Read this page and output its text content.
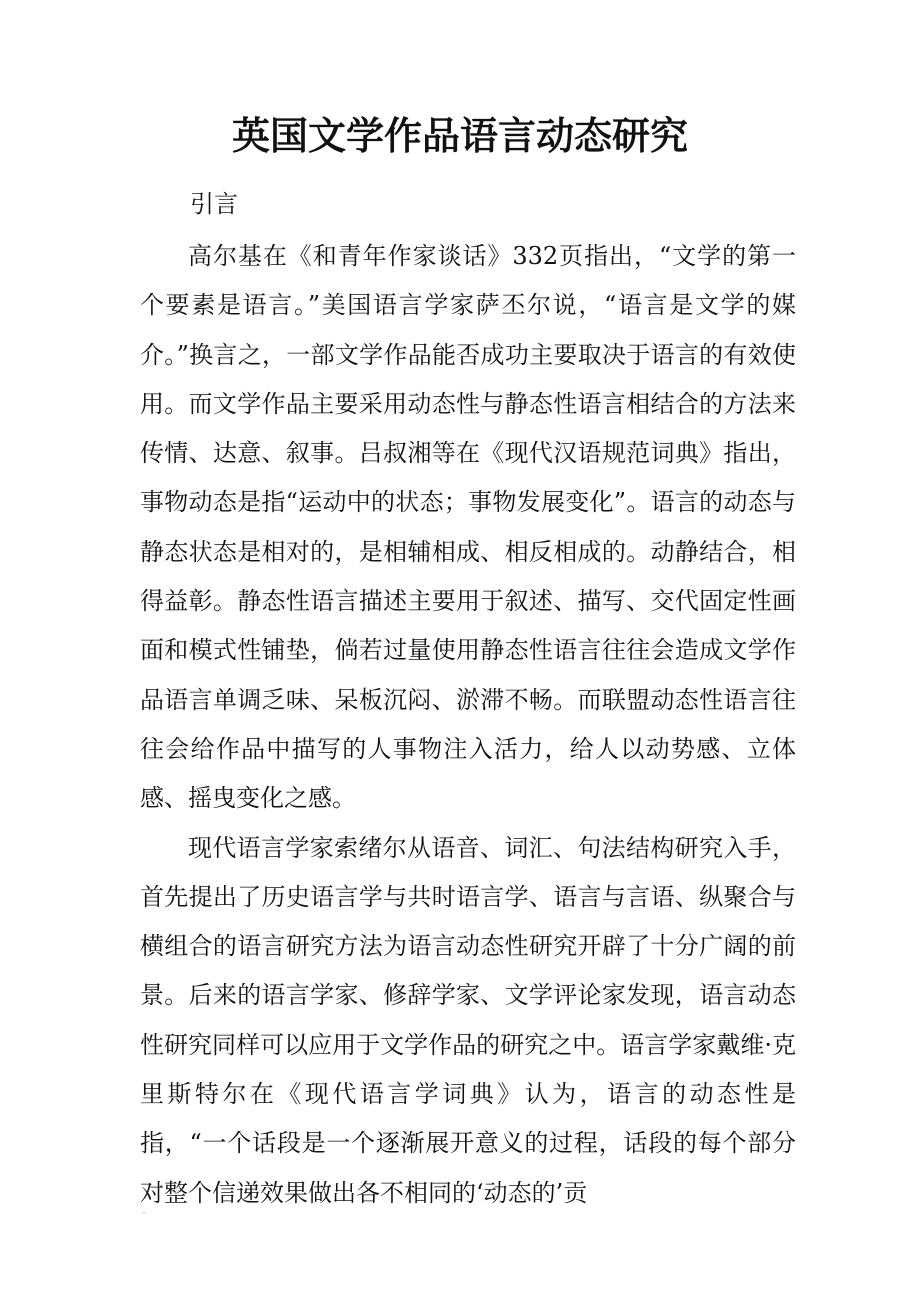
英国文学作品语言动态研究

引言

高尔基在《和青年作家谈话》332页指出，“文学的第一个要素是语言。”美国语言学家萨丕尔说，“语言是文学的媒介。”换言之，一部文学作品能否成功主要取决于语言的有效使用。而文学作品主要采用动态性与静态性语言相结合的方法来传情、达意、叙事。吕叔湘等在《现代汉语规范词典》指出，事物动态是指“运动中的状态；事物发展变化”。语言的动态与静态状态是相对的，是相辅相成、相反相成的。动静结合，相得益彰。静态性语言描述主要用于叙述、描写、交代固定性画面和模式性铺垫，倘若过量使用静态性语言往往会造成文学作品语言单调乏味、呆板沉闷、淤滞不畅。而联盟动态性语言往往会给作品中描写的人事物注入活力，给人以动势感、立体感、摇曳变化之感。

现代语言学家索绪尔从语音、词汇、句法结构研究入手，首先提出了历史语言学与共时语言学、语言与言语、纵聚合与横组合的语言研究方法为语言动态性研究开辟了十分广阔的前景。后来的语言学家、修辞学家、文学评论家发现，语言动态性研究同样可以应用于文学作品的研究之中。语言学家戴维·克里斯特尔在《现代语言学词典》认为，语言的动态性是指，“一个话段是一个逐渐展开意义的过程，话段的每个部分对整个信递效果做出各不相同的‘动态的’贡
